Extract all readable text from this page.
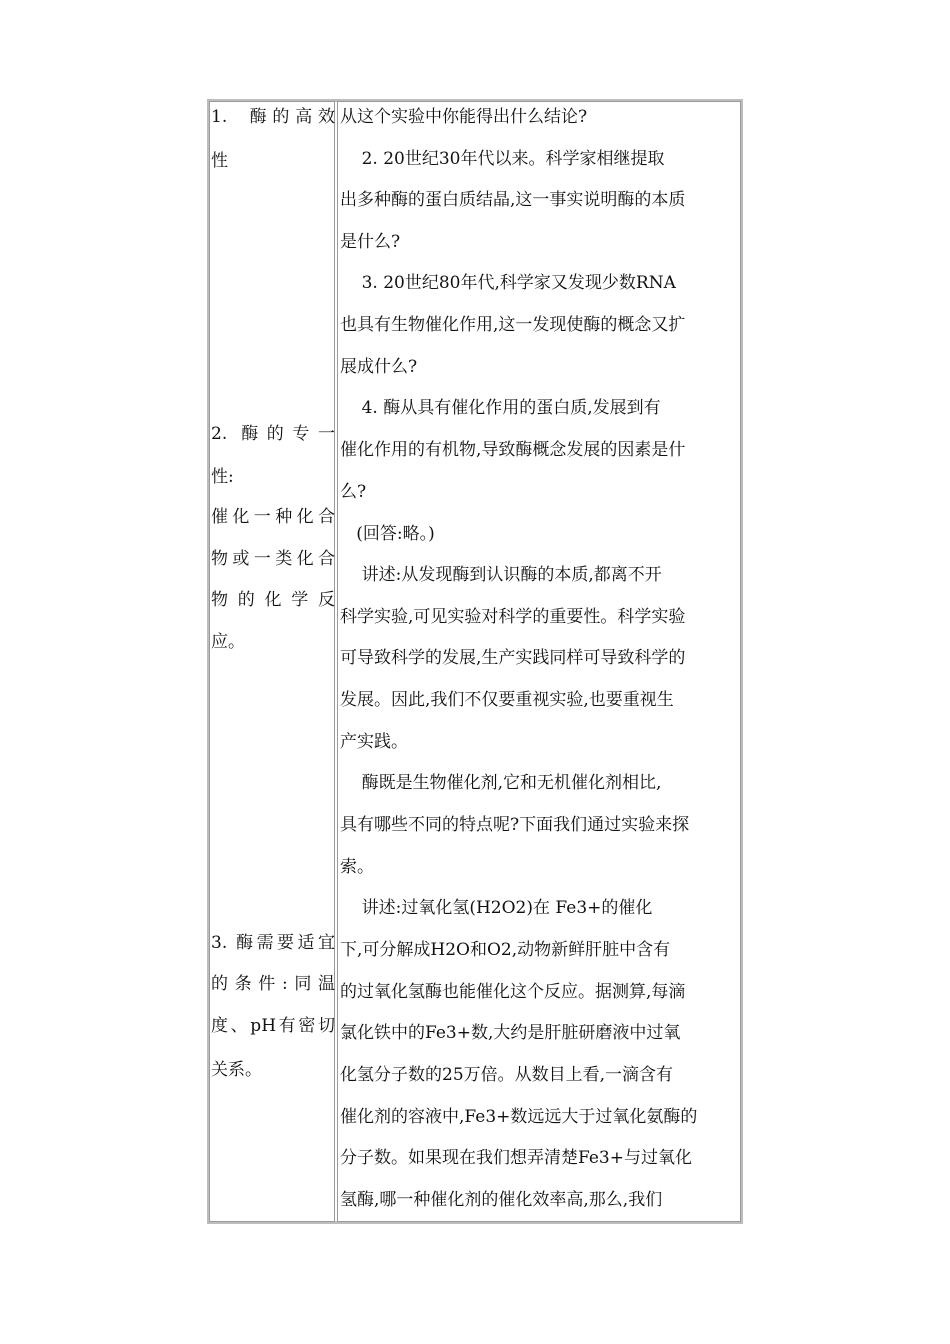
1.  酶的高效
性
2. 酶的专一
性:
催化一种化合
物或一类化合
物的化学反
应。
3. 酶需要适宜
的条件:同温
度、pH有密切
关系。
从这个实验中你能得出什么结论?
2. 20世纪30年代以来。科学家相继提取
出多种酶的蛋白质结晶,这一事实说明酶的本质
是什么?
3. 20世纪80年代,科学家又发现少数RNA
也具有生物催化作用,这一发现使酶的概念又扩
展成什么?
4. 酶从具有催化作用的蛋白质,发展到有
催化作用的有机物,导致酶概念发展的因素是什
么?
(回答:略。)
讲述:从发现酶到认识酶的本质,都离不开
科学实验,可见实验对科学的重要性。科学实验
可导致科学的发展,生产实践同样可导致科学的
发展。因此,我们不仅要重视实验,也要重视生
产实践。
酶既是生物催化剂,它和无机催化剂相比,
具有哪些不同的特点呢?下面我们通过实验来探
索。
讲述:过氧化氢(H2O2)在 Fe3+的催化
下,可分解成H2O和O2,动物新鲜肝脏中含有
的过氧化氢酶也能催化这个反应。据测算,每滴
氯化铁中的Fe3+数,大约是肝脏研磨液中过氧
化氢分子数的25万倍。从数目上看,一滴含有
催化剂的容液中,Fe3+数远远大于过氧化氨酶的
分子数。如果现在我们想弄清楚Fe3+与过氧化
氢酶,哪一种催化剂的催化效率高,那么,我们
